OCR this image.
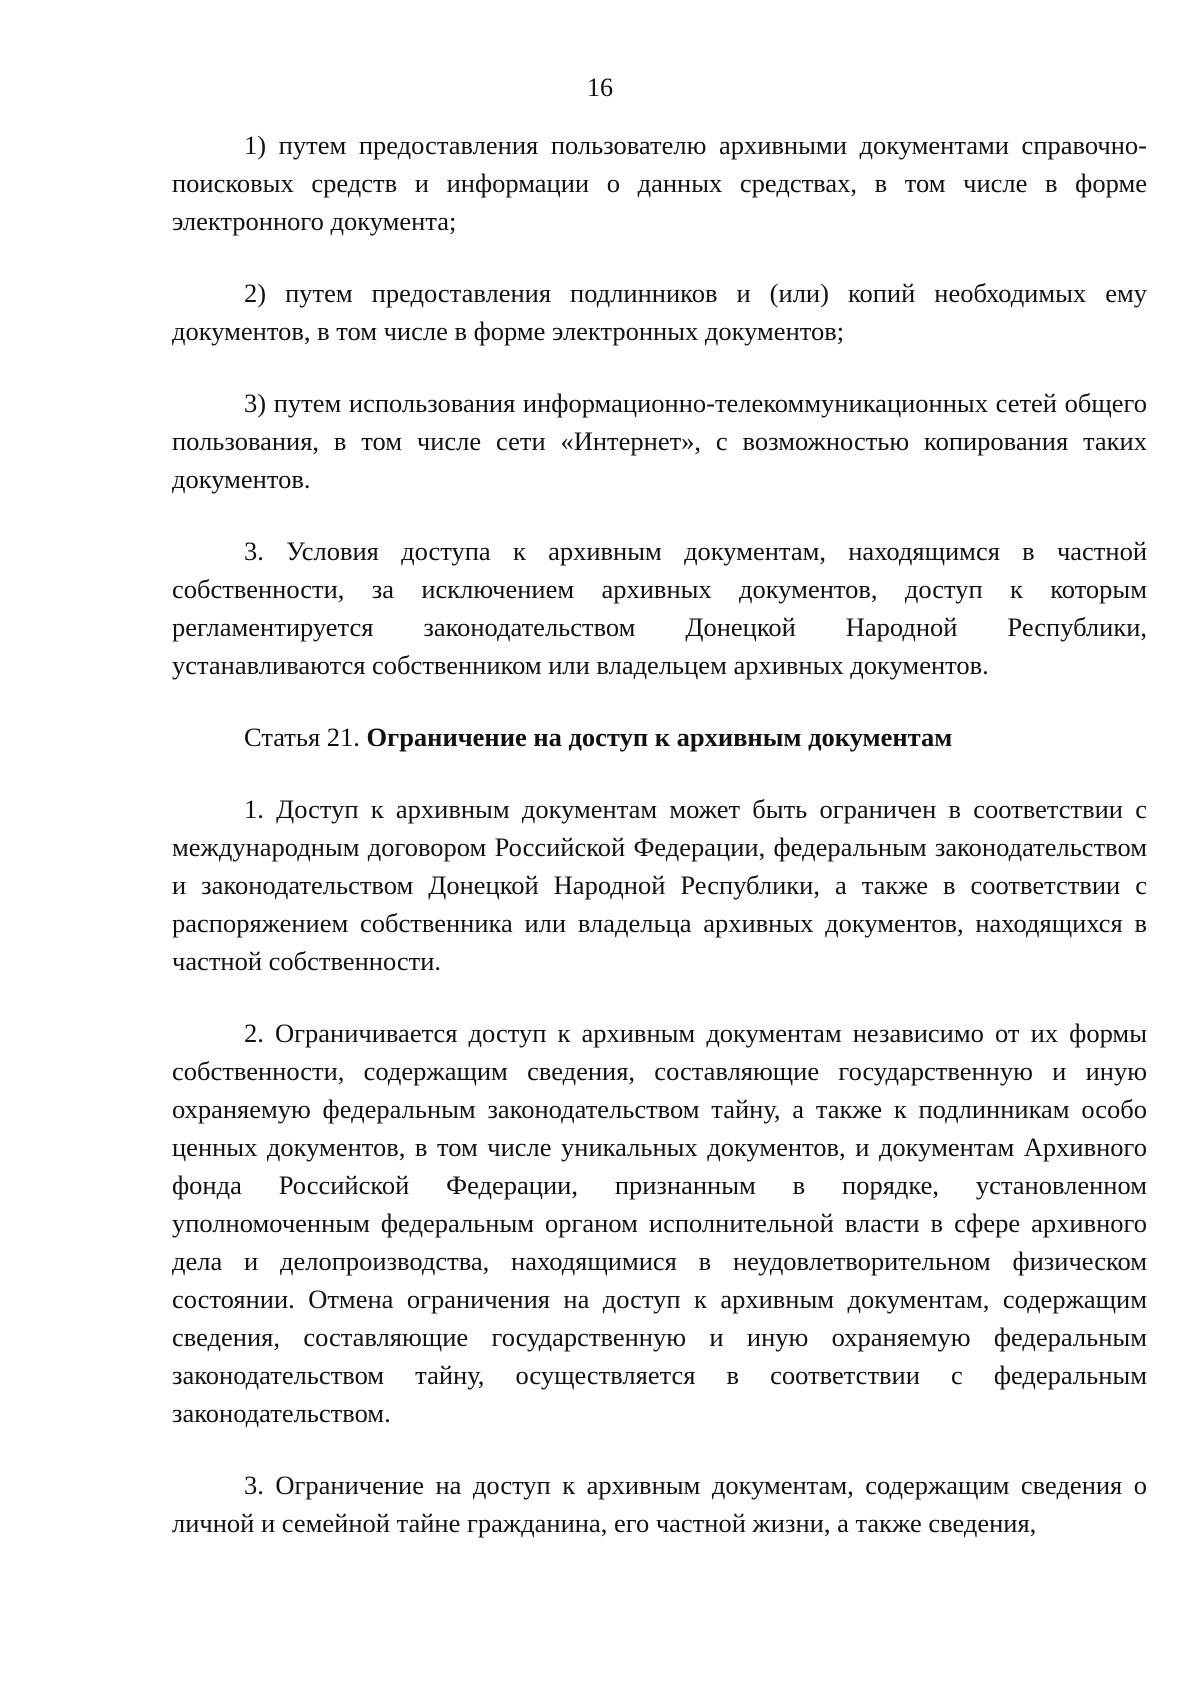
16

1) путем предоставления пользователю архивными документами справочно-поисковых средств и информации о данных средствах, в том числе в форме электронного документа;

2) путем предоставления подлинников и (или) копий необходимых ему документов, в том числе в форме электронных документов;

3) путем использования информационно-телекоммуникационных сетей общего пользования, в том числе сети «Интернет», с возможностью копирования таких документов.

3. Условия доступа к архивным документам, находящимся в частной собственности, за исключением архивных документов, доступ к которым регламентируется законодательством Донецкой Народной Республики, устанавливаются собственником или владельцем архивных документов.

Статья 21. Ограничение на доступ к архивным документам

1. Доступ к архивным документам может быть ограничен в соответствии с международным договором Российской Федерации, федеральным законодательством и законодательством Донецкой Народной Республики, а также в соответствии с распоряжением собственника или владельца архивных документов, находящихся в частной собственности.

2. Ограничивается доступ к архивным документам независимо от их формы собственности, содержащим сведения, составляющие государственную и иную охраняемую федеральным законодательством тайну, а также к подлинникам особо ценных документов, в том числе уникальных документов, и документам Архивного фонда Российской Федерации, признанным в порядке, установленном уполномоченным федеральным органом исполнительной власти в сфере архивного дела и делопроизводства, находящимися в неудовлетворительном физическом состоянии. Отмена ограничения на доступ к архивным документам, содержащим сведения, составляющие государственную и иную охраняемую федеральным законодательством тайну, осуществляется в соответствии с федеральным законодательством.

3. Ограничение на доступ к архивным документам, содержащим сведения о личной и семейной тайне гражданина, его частной жизни, а также сведения,
